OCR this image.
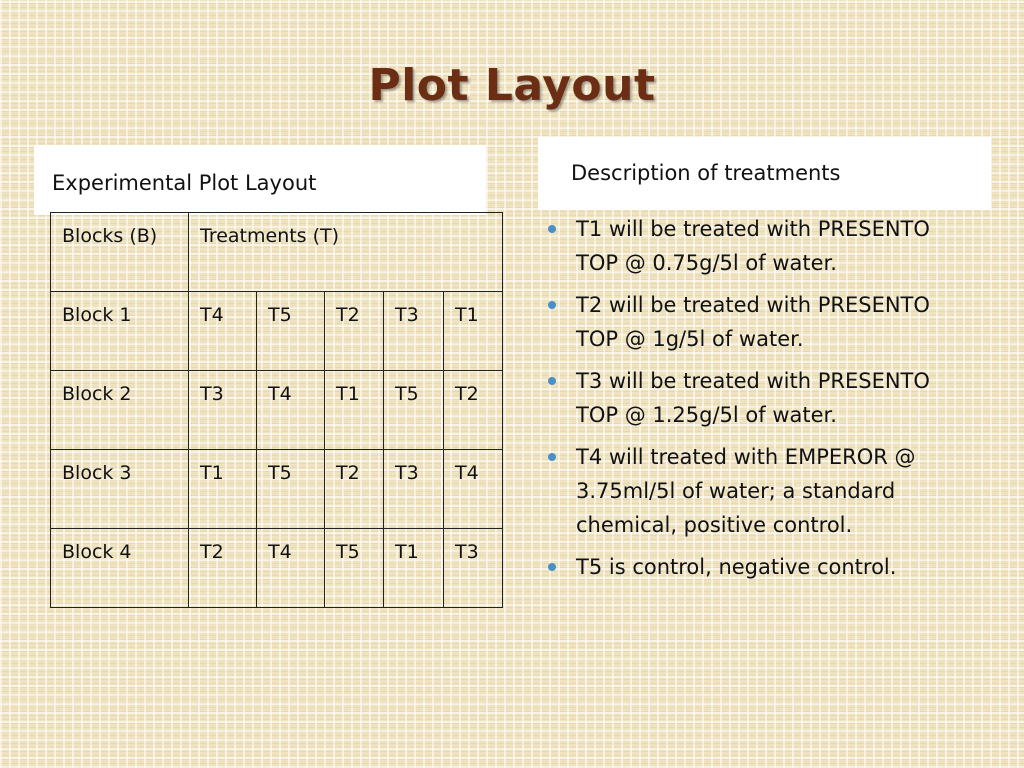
Plot Layout
Experimental Plot Layout	Description of treatments
Blocks (B)	Treatments (T)				
Block 1	T4	T5	T2	T3	T1
Block 2	T3	T4	T1	T5	T2
Block 3	T1	T5	T2	T3	T4
Block 4	T2	T4	T5	T1	T3
T1 will be treated with PRESENTO TOP @ 0.75g/5l of water.
T2 will be treated with PRESENTO TOP @ 1g/5l of water.
T3 will be treated with PRESENTO TOP @ 1.25g/5l of water.
T4 will treated with EMPEROR @ 3.75ml/5l of water; a standard chemical, positive control.
T5 is control, negative control.
